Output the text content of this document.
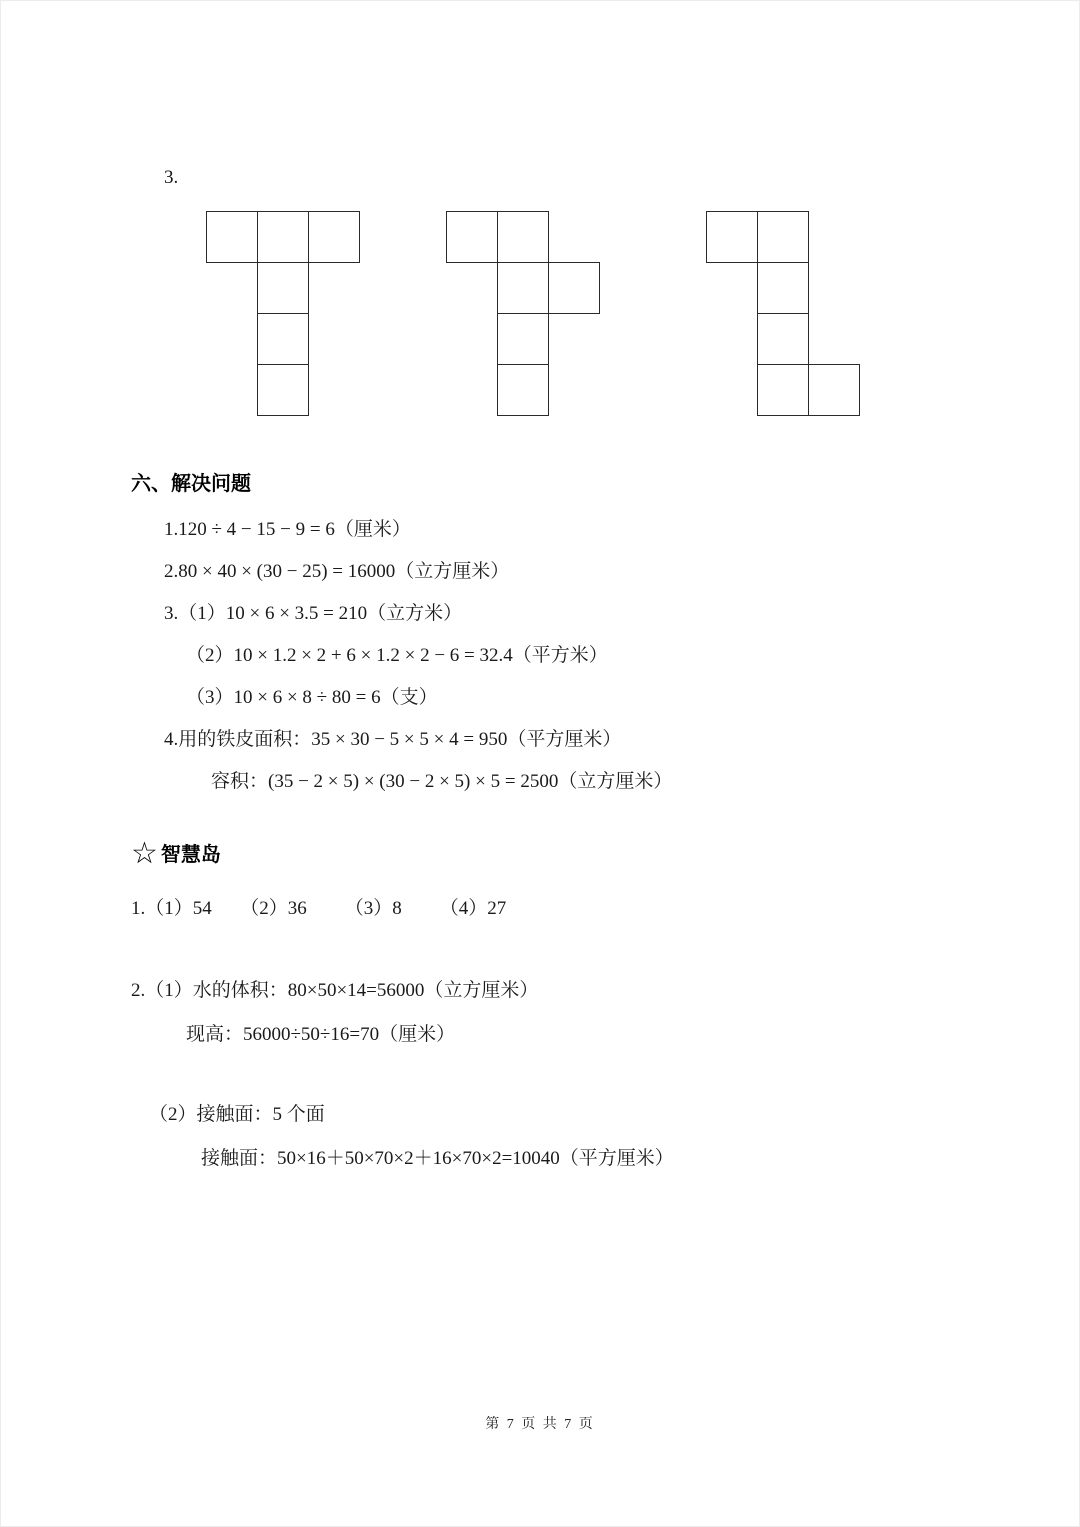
3.
六、解决问题
1.120 ÷ 4 − 15 − 9 = 6（厘米）
2.80 × 40 × (30 − 25) = 16000（立方厘米）
3.（1）10 × 6 × 3.5 = 210（立方米）
（2）10 × 1.2 × 2 + 6 × 1.2 × 2 − 6 = 32.4（平方米）
（3）10 × 6 × 8 ÷ 80 = 6（支）
4.用的铁皮面积：35 × 30 − 5 × 5 × 4 = 950（平方厘米）
容积：(35 − 2 × 5) × (30 − 2 × 5) × 5 = 2500（立方厘米）
☆ 智慧岛
1.（1）54      （2）36        （3）8        （4）27
2.（1）水的体积：80×50×14=56000（立方厘米）
现高：56000÷50÷16=70（厘米）
（2）接触面：5 个面
接触面：50×16＋50×70×2＋16×70×2=10040（平方厘米）
第 7 页 共 7 页
